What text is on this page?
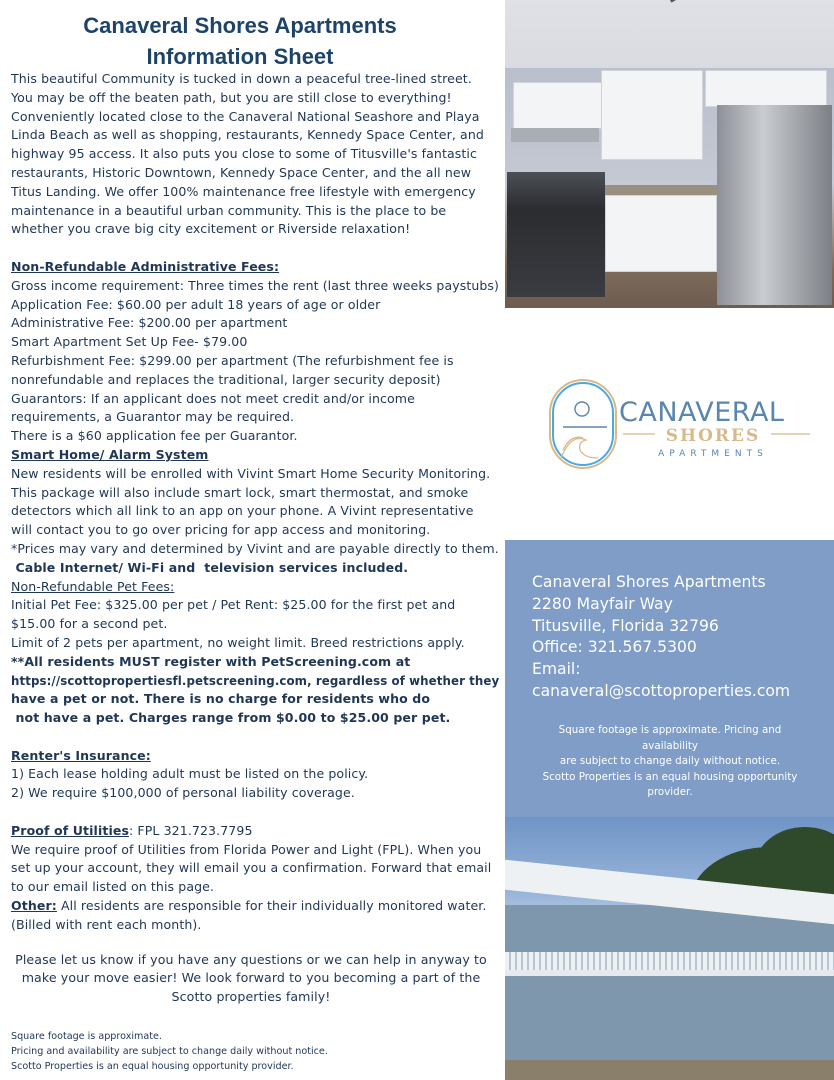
Canaveral Shores Apartments
Information Sheet
This beautiful Community is tucked in down a peaceful tree-lined street.
You may be off the beaten path, but you are still close to everything!
Conveniently located close to the Canaveral National Seashore and Playa
Linda Beach as well as shopping, restaurants, Kennedy Space Center, and
highway 95 access. It also puts you close to some of Titusville's fantastic
restaurants, Historic Downtown, Kennedy Space Center, and the all new
Titus Landing. We offer 100% maintenance free lifestyle with emergency
maintenance in a beautiful urban community. This is the place to be
whether you crave big city excitement or Riverside relaxation!
Non-Refundable Administrative Fees:
Gross income requirement: Three times the rent (last three weeks paystubs)
Application Fee: $60.00 per adult 18 years of age or older
Administrative Fee: $200.00 per apartment
Smart Apartment Set Up Fee- $79.00
Refurbishment Fee: $299.00 per apartment (The refurbishment fee is
nonrefundable and replaces the traditional, larger security deposit)
Guarantors: If an applicant does not meet credit and/or income
requirements, a Guarantor may be required.
There is a $60 application fee per Guarantor.
Smart Home/ Alarm System
New residents will be enrolled with Vivint Smart Home Security Monitoring.
This package will also include smart lock, smart thermostat, and smoke
detectors which all link to an app on your phone. A Vivint representative
will contact you to go over pricing for app access and monitoring.
*Prices may vary and determined by Vivint and are payable directly to them.
Cable Internet/ Wi-Fi and  television services included.
Non-Refundable Pet Fees:
Initial Pet Fee: $325.00 per pet / Pet Rent: $25.00 for the first pet and
$15.00 for a second pet.
Limit of 2 pets per apartment, no weight limit. Breed restrictions apply.
**All residents MUST register with PetScreening.com at
https://scottopropertiesfl.petscreening.com, regardless of whether they
have a pet or not. There is no charge for residents who do
not have a pet. Charges range from $0.00 to $25.00 per pet.
Renter's Insurance:
1) Each lease holding adult must be listed on the policy.
2) We require $100,000 of personal liability coverage.
Proof of Utilities: FPL 321.723.7795
We require proof of Utilities from Florida Power and Light (FPL). When you
set up your account, they will email you a confirmation. Forward that email
to our email listed on this page.
Other: All residents are responsible for their individually monitored water.
(Billed with rent each month).
Please let us know if you have any questions or we can help in anyway to
make your move easier! We look forward to you becoming a part of the
Scotto properties family!
Square footage is approximate.
Pricing and availability are subject to change daily without notice.
Scotto Properties is an equal housing opportunity provider.
CANAVERAL
SHORES
APARTMENTS
Canaveral Shores Apartments
2280 Mayfair Way
Titusville, Florida 32796
Office: 321.567.5300
Email:
canaveral@scottoproperties.com
Square footage is approximate. Pricing and
availability
are subject to change daily without notice.
Scotto Properties is an equal housing opportunity
provider.
